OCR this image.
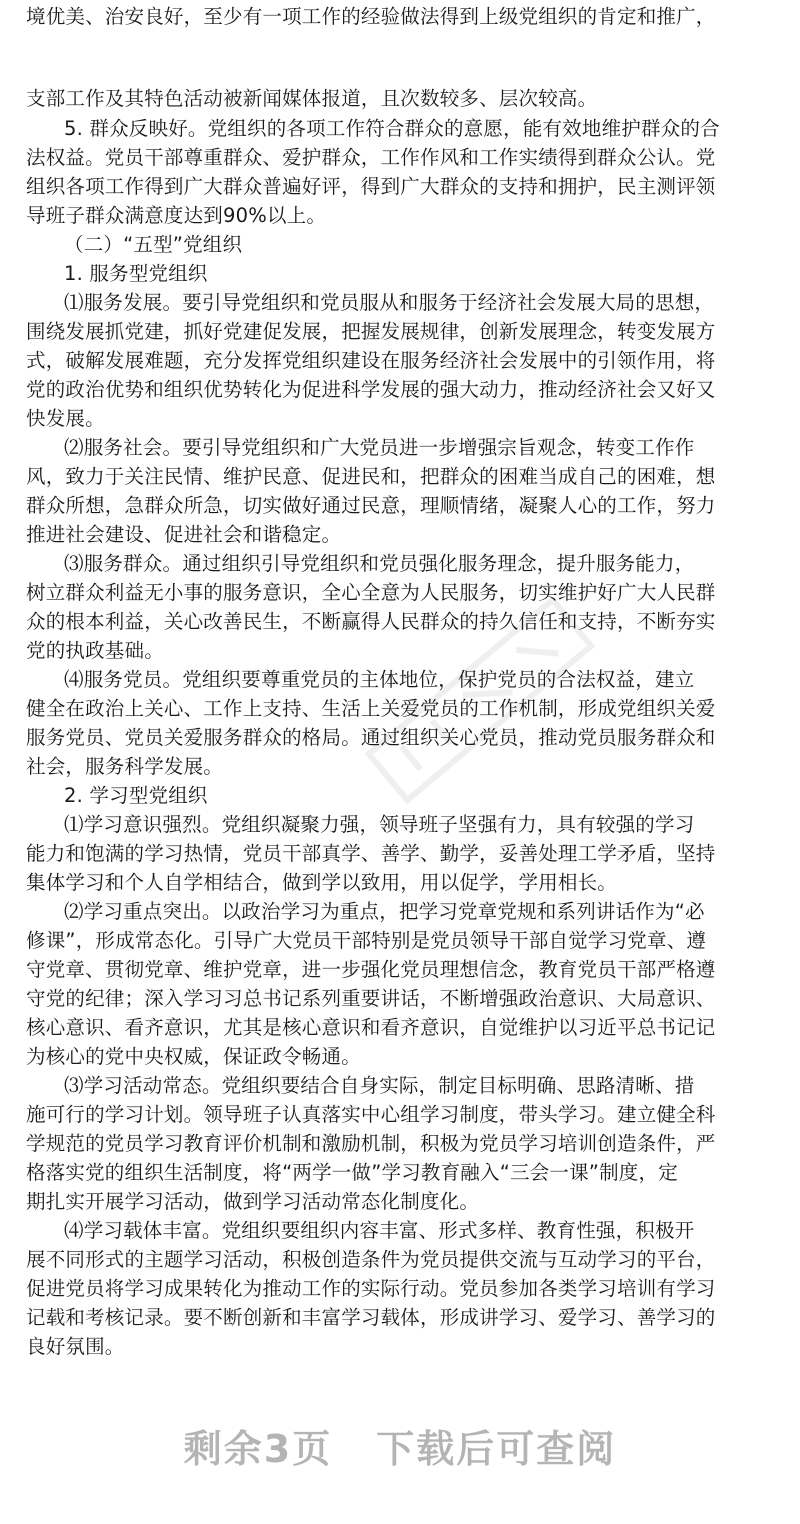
境优美、治安良好，至少有一项工作的经验做法得到上级党组织的肯定和推广，
支部工作及其特色活动被新闻媒体报道，且次数较多、层次较高。
5. 群众反映好。党组织的各项工作符合群众的意愿，能有效地维护群众的合
法权益。党员干部尊重群众、爱护群众，工作作风和工作实绩得到群众公认。党
组织各项工作得到广大群众普遍好评，得到广大群众的支持和拥护，民主测评领
导班子群众满意度达到90%以上。
（二）“五型”党组织
1. 服务型党组织
⑴服务发展。要引导党组织和党员服从和服务于经济社会发展大局的思想，
围绕发展抓党建，抓好党建促发展，把握发展规律，创新发展理念，转变发展方
式，破解发展难题，充分发挥党组织建设在服务经济社会发展中的引领作用，将
党的政治优势和组织优势转化为促进科学发展的强大动力，推动经济社会又好又
快发展。
⑵服务社会。要引导党组织和广大党员进一步增强宗旨观念，转变工作作
风，致力于关注民情、维护民意、促进民和，把群众的困难当成自己的困难，想
群众所想，急群众所急，切实做好通过民意，理顺情绪，凝聚人心的工作，努力
推进社会建设、促进社会和谐稳定。
⑶服务群众。通过组织引导党组织和党员强化服务理念，提升服务能力，
树立群众利益无小事的服务意识，全心全意为人民服务，切实维护好广大人民群
众的根本利益，关心改善民生，不断赢得人民群众的持久信任和支持，不断夯实
党的执政基础。
⑷服务党员。党组织要尊重党员的主体地位，保护党员的合法权益，建立
健全在政治上关心、工作上支持、生活上关爱党员的工作机制，形成党组织关爱
服务党员、党员关爱服务群众的格局。通过组织关心党员，推动党员服务群众和
社会，服务科学发展。
2. 学习型党组织
⑴学习意识强烈。党组织凝聚力强，领导班子坚强有力，具有较强的学习
能力和饱满的学习热情，党员干部真学、善学、勤学，妥善处理工学矛盾，坚持
集体学习和个人自学相结合，做到学以致用，用以促学，学用相长。
⑵学习重点突出。以政治学习为重点，把学习党章党规和系列讲话作为“必
修课”，形成常态化。引导广大党员干部特别是党员领导干部自觉学习党章、遵
守党章、贯彻党章、维护党章，进一步强化党员理想信念，教育党员干部严格遵
守党的纪律；深入学习习总书记系列重要讲话，不断增强政治意识、大局意识、
核心意识、看齐意识，尤其是核心意识和看齐意识，自觉维护以习近平总书记记
为核心的党中央权威，保证政令畅通。
⑶学习活动常态。党组织要结合自身实际，制定目标明确、思路清晰、措
施可行的学习计划。领导班子认真落实中心组学习制度，带头学习。建立健全科
学规范的党员学习教育评价机制和激励机制，积极为党员学习培训创造条件，严
格落实党的组织生活制度，将“两学一做”学习教育融入“三会一课”制度，定
期扎实开展学习活动，做到学习活动常态化制度化。
⑷学习载体丰富。党组织要组织内容丰富、形式多样、教育性强，积极开
展不同形式的主题学习活动，积极创造条件为党员提供交流与互动学习的平台，
促进党员将学习成果转化为推动工作的实际行动。党员参加各类学习培训有学习
记载和考核记录。要不断创新和丰富学习载体，形成讲学习、爱学习、善学习的
良好氛围。
剩余3页 下载后可查阅
